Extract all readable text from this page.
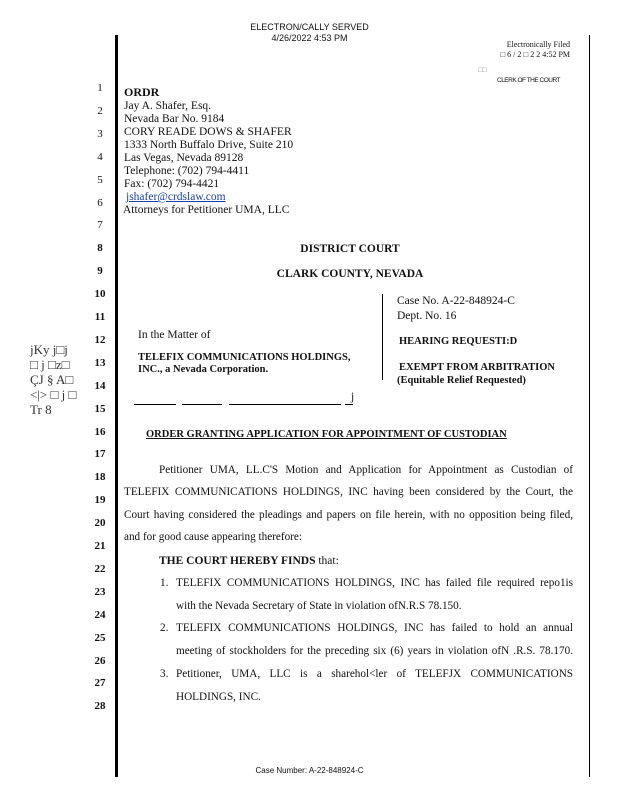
ELECTRON/CALLY SERVED
4/26/2022 4:53 PM
Electronically Filed
□ 6 / 2 □ 2 2 4:52 PM
□□
CLERK OF THE COURT
1
2
3
4
5
6
7
8
9
10
11
12
13
14
15
16
17
18
19
20
21
22
23
24
25
26
27
28
ORDR
Jay A. Shafer, Esq.
Nevada Bar No. 9184
CORY READE DOWS & SHAFER
1333 North Buffalo Drive, Suite 210
Las Vegas, Nevada 89128
Telephone: (702) 794-4411
Fax: (702) 794-4421
jshafer@crdslaw.com
Attorneys for Petitioner UMA, LLC
DISTRICT COURT
CLARK COUNTY, NEVADA
In the Matter of
TELEFIX COMMUNICATIONS HOLDINGS,
INC., a Nevada Corporation.
Case No. A-22-848924-C
Dept. No. 16
HEARING REQUESTI:D
EXEMPT FROM ARBITRATION
(Equitable Relief Requested)
j
ORDER GRANTING APPLICATION FOR APPOINTMENT OF CUSTODIAN
Petitioner UMA, LL.C'S Motion and Application for Appointment as Custodian of
TELEFIX COMMUNICATIONS HOLDINGS, INC having been considered by the Court, the
Court having considered the pleadings and papers on file herein, with no opposition being filed,
and for good cause appearing therefore:
THE COURT HEREBY FINDS that:
1. TELEFIX COMMUNICATIONS HOLDINGS, INC has failed file required repo1is
with the Nevada Secretary of State in violation ofN.R.S 78.150.
2. TELEFIX COMMUNICATIONS HOLDINGS, INC has failed to hold an annual
meeting of stockholders for the preceding six (6) years in violation ofN .R.S. 78.170.
3. Petitioner, UMA, LLC is a sharehol<ler of TELEFJX COMMUNICATIONS
HOLDINGS, INC.
jKy j□j □ j □z□ ÇJ § A□ <|> □ j □ Tr 8
Case Number: A-22-848924-C
